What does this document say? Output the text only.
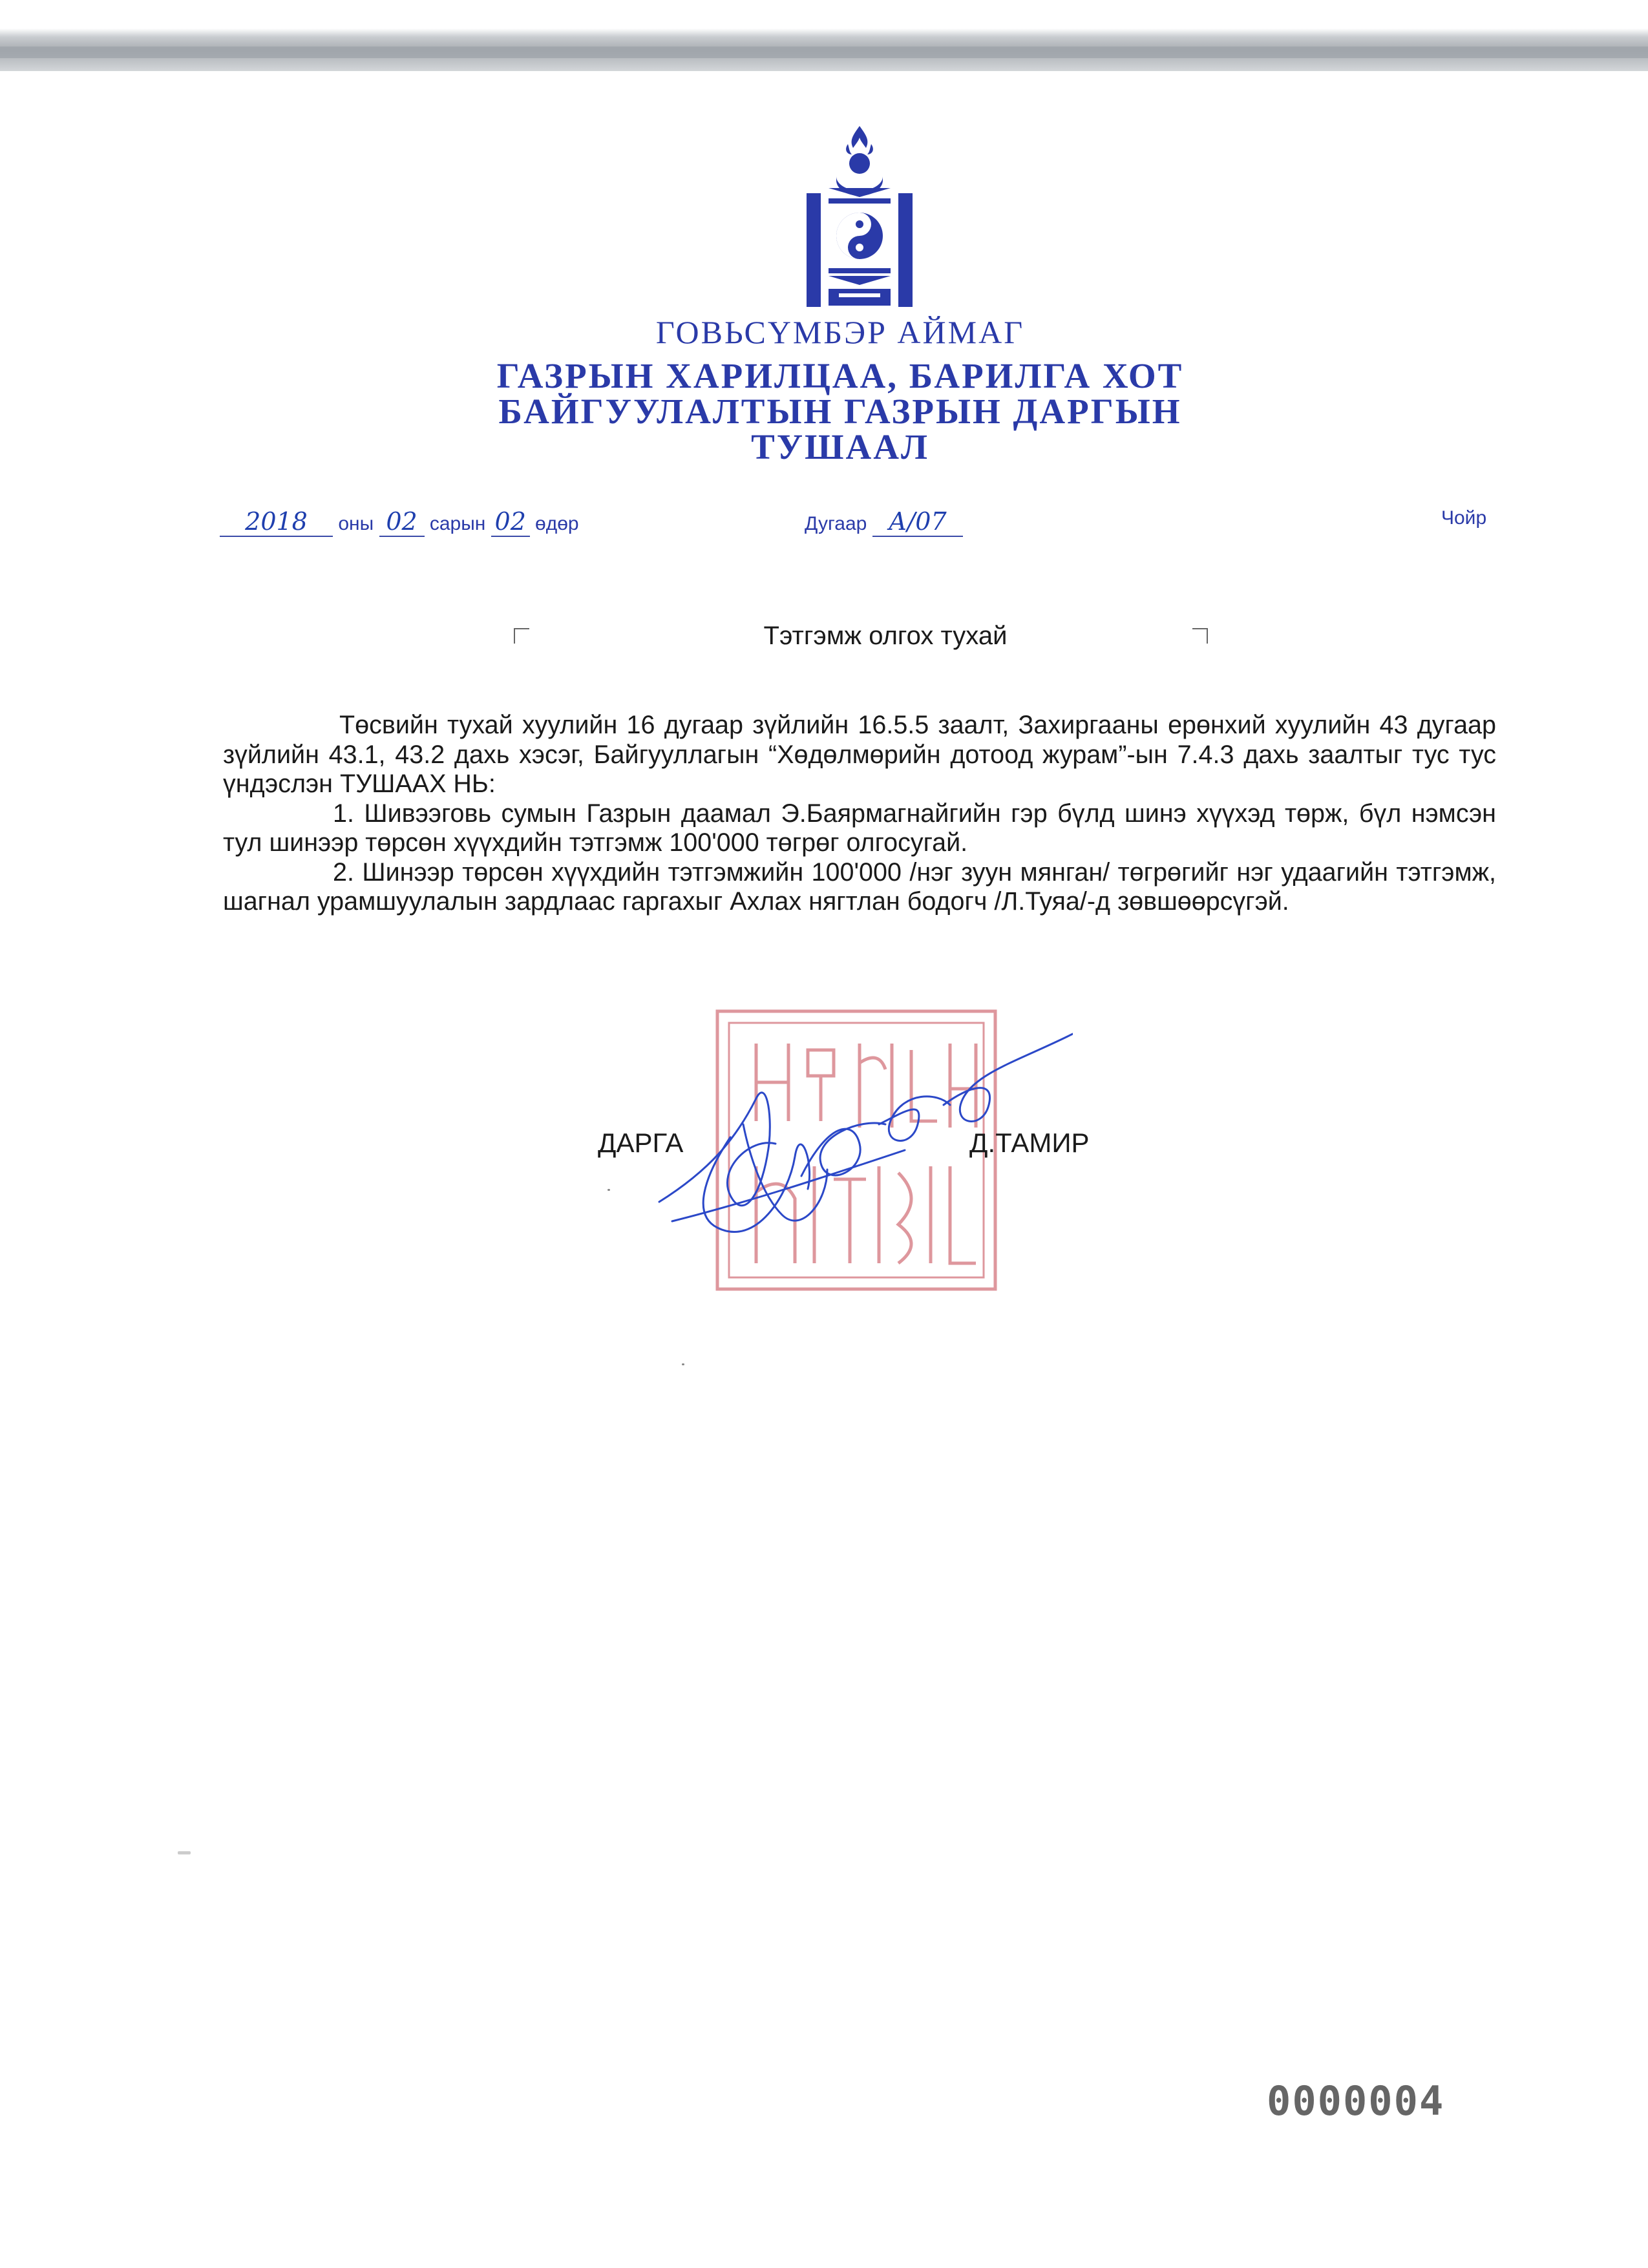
ГОВЬСҮМБЭР АЙМАГ
ГАЗРЫН ХАРИЛЦАА, БАРИЛГА ХОТ
БАЙГУУЛАЛТЫН ГАЗРЫН ДАРГЫН
ТУШААЛ
2018 оны 02 сарын 02 өдөр	Дугаар А/07	Чойр
Тэтгэмж олгох тухай

Төсвийн тухай хуулийн 16 дугаар зүйлийн 16.5.5 заалт, Захиргааны ерөнхий хуулийн 43 дугаар зүйлийн 43.1, 43.2 дахь хэсэг, Байгууллагын “Хөдөлмөрийн дотоод журам”-ын 7.4.3 дахь заалтыг тус тус үндэслэн ТУШААХ НЬ:

1. Шивээговь сумын Газрын даамал Э.Баярмагнайгийн гэр бүлд шинэ хүүхэд төрж, бүл нэмсэн тул шинээр төрсөн хүүхдийн тэтгэмж 100'000 төгрөг олгосугай.

2. Шинээр төрсөн хүүхдийн тэтгэмжийн 100'000 /нэг зуун мянган/ төгрөгийг нэг удаагийн тэтгэмж, шагнал урамшуулалын зардлаас гаргахыг Ахлах нягтлан бодогч /Л.Туяа/-д зөвшөөрсүгэй.

ДАРГА	Д.ТАМИР
0000004
